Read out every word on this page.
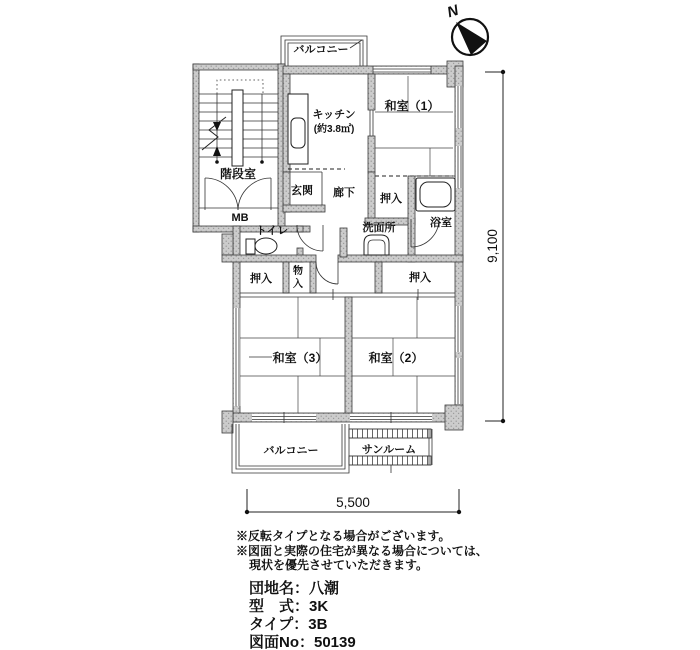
バルコニー
階段室
MB
キッチン
(約3.8㎡)
和室（1）
玄関 廊下 押入
洗面所	浴室
トイレ
押入
物
入
押入
和室（3）	和室（2）
バルコニー	サンルーム
5,500
9,100
N
※反転タイプとなる場合がございます。
※図面と実際の住宅が異なる場合については、
現状を優先させていただきます。
団地名：八潮
型　式：3K
タイプ：3B
図面No：50139
